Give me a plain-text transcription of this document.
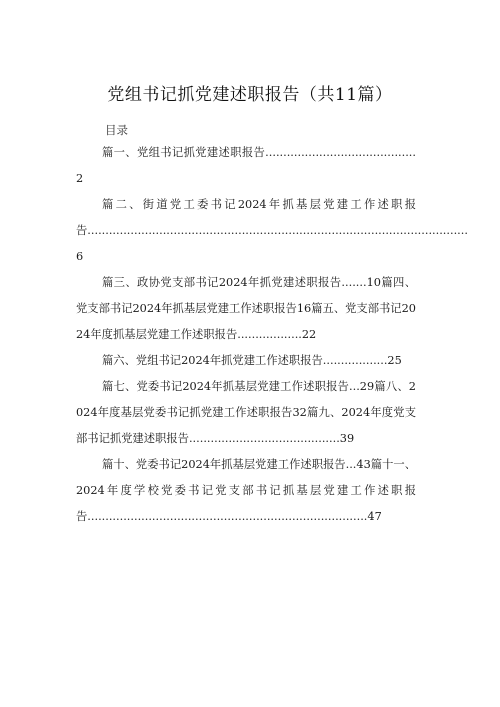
党组书记抓党建述职报告（共11篇）
目录

篇一、党组书记抓党建述职报告..........................................2

篇二、街道党工委书记2024年抓基层党建工作述职报告..........................................................................................................6

篇三、政协党支部书记2024年抓党建述职报告.......10篇四、党支部书记2024年抓基层党建工作述职报告16篇五、党支部书记2024年度抓基层党建工作述职报告..................22

篇六、党组书记2024年抓党建工作述职报告..................25

篇七、党委书记2024年抓基层党建工作述职报告...29篇八、2024年度基层党委书记抓党建工作述职报告32篇九、2024年度党支部书记抓党建述职报告..........................................39

篇十、党委书记2024年抓基层党建工作述职报告...43篇十一、2024年度学校党委书记党支部书记抓基层党建工作述职报告..............................................................................47
